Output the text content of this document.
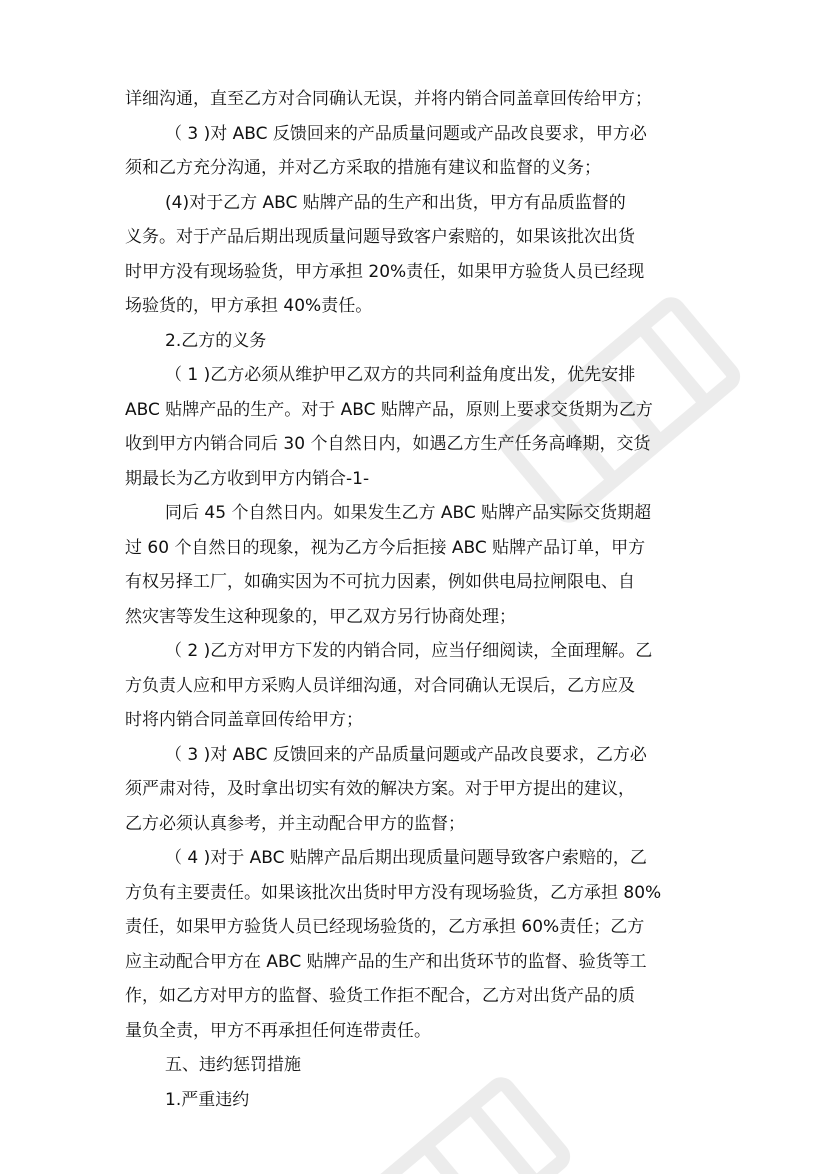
详细沟通，直至乙方对合同确认无误，并将内销合同盖章回传给甲方；
（ 3 )对 ABC 反馈回来的产品质量问题或产品改良要求，甲方必
须和乙方充分沟通，并对乙方采取的措施有建议和监督的义务；
(4)对于乙方 ABC 贴牌产品的生产和出货，甲方有品质监督的
义务。对于产品后期出现质量问题导致客户索赔的，如果该批次出货
时甲方没有现场验货，甲方承担 20%责任，如果甲方验货人员已经现
场验货的，甲方承担 40%责任。
2.乙方的义务
（ 1 )乙方必须从维护甲乙双方的共同利益角度出发，优先安排
ABC 贴牌产品的生产。对于 ABC 贴牌产品，原则上要求交货期为乙方
收到甲方内销合同后 30 个自然日内，如遇乙方生产任务高峰期，交货
期最长为乙方收到甲方内销合-1-
同后 45 个自然日内。如果发生乙方 ABC 贴牌产品实际交货期超
过 60 个自然日的现象，视为乙方今后拒接 ABC 贴牌产品订单，甲方
有权另择工厂，如确实因为不可抗力因素，例如供电局拉闸限电、自
然灾害等发生这种现象的，甲乙双方另行协商处理；
（ 2 )乙方对甲方下发的内销合同，应当仔细阅读，全面理解。乙
方负责人应和甲方采购人员详细沟通，对合同确认无误后，乙方应及
时将内销合同盖章回传给甲方；
（ 3 )对 ABC 反馈回来的产品质量问题或产品改良要求，乙方必
须严肃对待，及时拿出切实有效的解决方案。对于甲方提出的建议，
乙方必须认真参考，并主动配合甲方的监督；
（ 4 )对于 ABC 贴牌产品后期出现质量问题导致客户索赔的，乙
方负有主要责任。如果该批次出货时甲方没有现场验货，乙方承担 80%
责任，如果甲方验货人员已经现场验货的，乙方承担 60%责任；乙方
应主动配合甲方在 ABC 贴牌产品的生产和出货环节的监督、验货等工
作，如乙方对甲方的监督、验货工作拒不配合，乙方对出货产品的质
量负全责，甲方不再承担任何连带责任。
五、违约惩罚措施
1.严重违约
